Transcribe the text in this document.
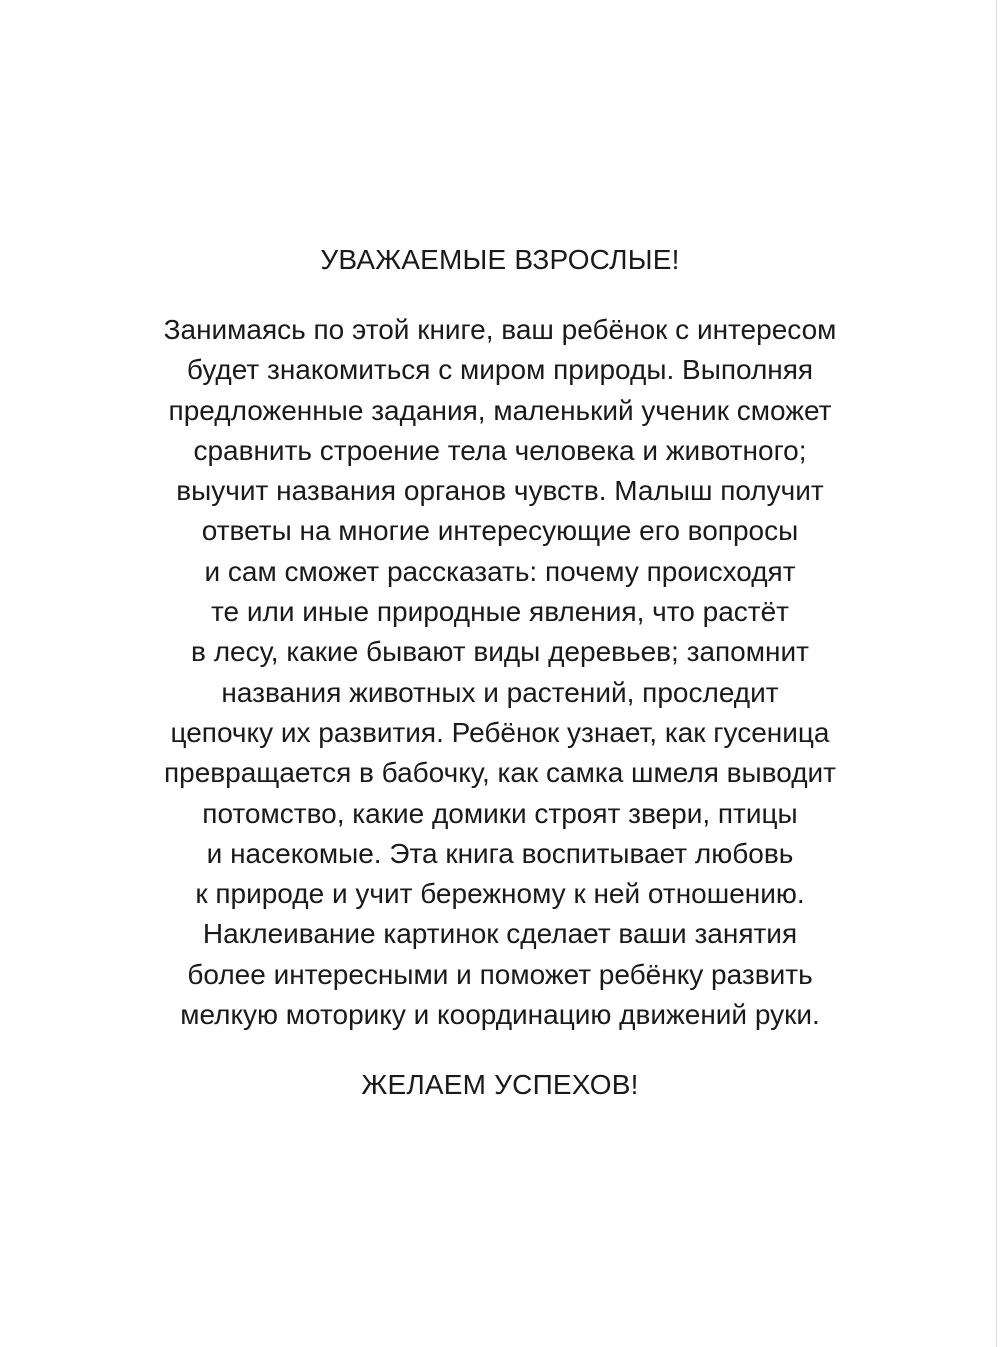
УВАЖАЕМЫЕ ВЗРОСЛЫЕ!
Занимаясь по этой книге, ваш ребёнок с интересом
будет знакомиться с миром природы. Выполняя
предложенные задания, маленький ученик сможет
сравнить строение тела человека и животного;
выучит названия органов чувств. Малыш получит
ответы на многие интересующие его вопросы
и сам сможет рассказать: почему происходят
те или иные природные явления, что растёт
в лесу, какие бывают виды деревьев; запомнит
названия животных и растений, проследит
цепочку их развития. Ребёнок узнает, как гусеница
превращается в бабочку, как самка шмеля выводит
потомство, какие домики строят звери, птицы
и насекомые. Эта книга воспитывает любовь
к природе и учит бережному к ней отношению.
Наклеивание картинок сделает ваши занятия
более интересными и поможет ребёнку развить
мелкую моторику и координацию движений руки.
ЖЕЛАЕМ УСПЕХОВ!
